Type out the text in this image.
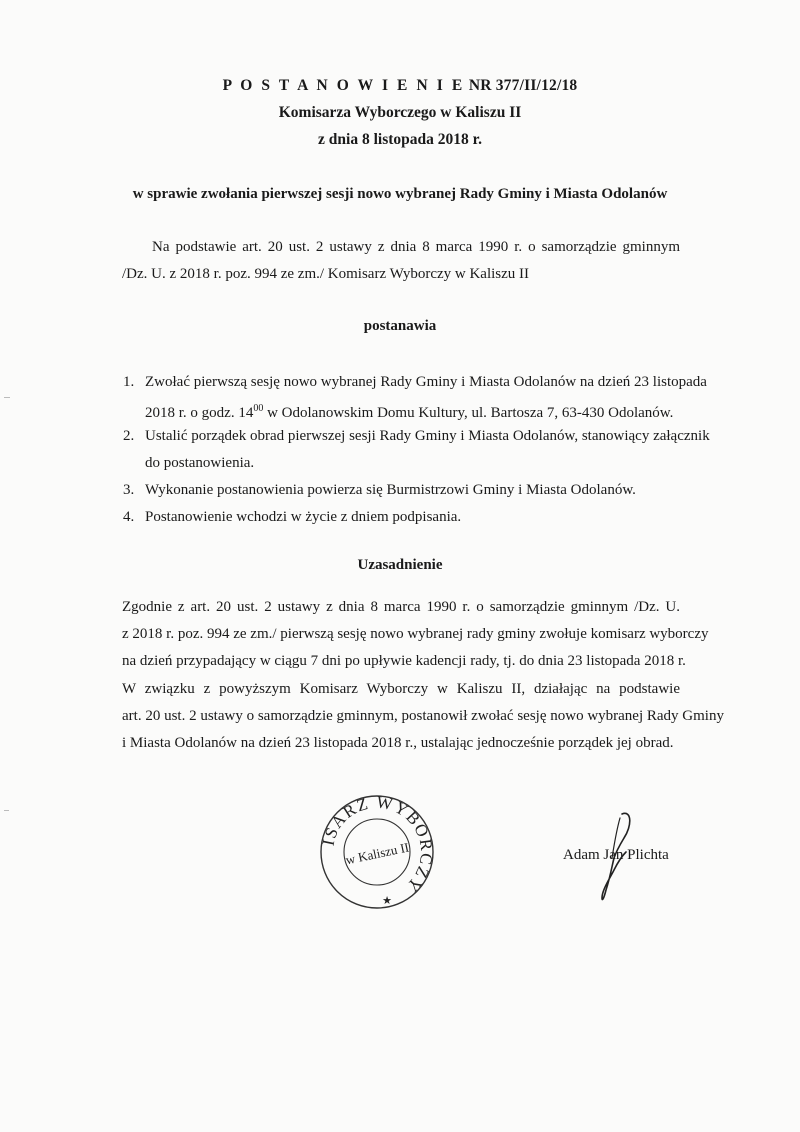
P O S T A N O W I E N I E NR 377/II/12/18
Komisarza Wyborczego w Kaliszu II
z dnia 8 listopada 2018 r.
w sprawie zwołania pierwszej sesji nowo wybranej Rady Gminy i Miasta Odolanów
Na podstawie art. 20 ust. 2 ustawy z dnia 8 marca 1990 r. o samorządzie gminnym
/Dz. U. z 2018 r. poz. 994 ze zm./ Komisarz Wyborczy w Kaliszu II
postanawia
1. Zwołać pierwszą sesję nowo wybranej Rady Gminy i Miasta Odolanów na dzień 23 listopada
2018 r. o godz. $14^{00}$ w Odolanowskim Domu Kultury, ul. Bartosza 7, 63-430 Odolanów.
2. Ustalić porządek obrad pierwszej sesji Rady Gminy i Miasta Odolanów, stanowiący załącznik
do postanowienia.
3. Wykonanie postanowienia powierza się Burmistrzowi Gminy i Miasta Odolanów.
4. Postanowienie wchodzi w życie z dniem podpisania.
Uzasadnienie
Zgodnie z art. 20 ust. 2 ustawy z dnia 8 marca 1990 r. o samorządzie gminnym /Dz. U.
z 2018 r. poz. 994 ze zm./ pierwszą sesję nowo wybranej rady gminy zwołuje komisarz wyborczy
na dzień przypadający w ciągu 7 dni po upływie kadencji rady, tj. do dnia 23 listopada 2018 r.
W związku z powyższym Komisarz Wyborczy w Kaliszu II, działając na podstawie
art. 20 ust. 2 ustawy o samorządzie gminnym, postanowił zwołać sesję nowo wybranej Rady Gminy
i Miasta Odolanów na dzień 23 listopada 2018 r., ustalając jednocześnie porządek jej obrad.
ISARZ WYBORCZY
w Kaliszu II
★
Adam Jan Plichta
